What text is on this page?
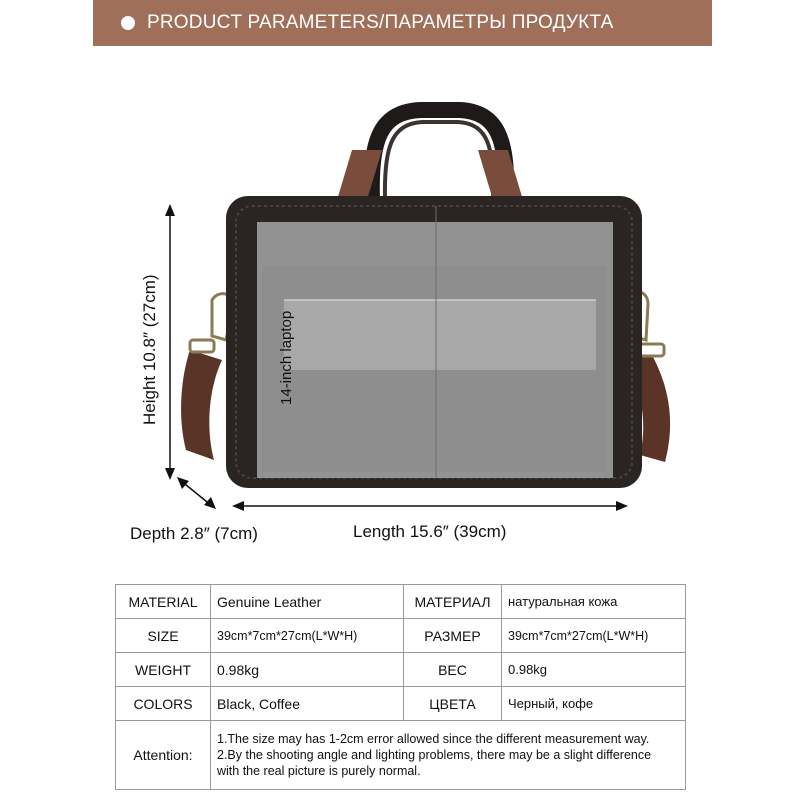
PRODUCT PARAMETERS/ПАРАМЕТРЫ ПРОДУКТА
Height 10.8″ (27cm)	14-inch laptop
Depth 2.8″ (7cm)	Length 15.6″ (39cm)
MATERIAL	Genuine Leather	МАТЕРИАЛ	натуральная кожа
SIZE	39cm*7cm*27cm(L*W*H)	РАЗМЕР	39cm*7cm*27cm(L*W*H)
WEIGHT	0.98kg	ВЕС	0.98kg
COLORS	Black, Coffee	ЦВЕТА	Черный, кофе
Attention:	1.The size may has 1-2cm error allowed since the different measurement way.
2.By the shooting angle and lighting problems, there may be a slight difference
with the real picture is purely normal.		
